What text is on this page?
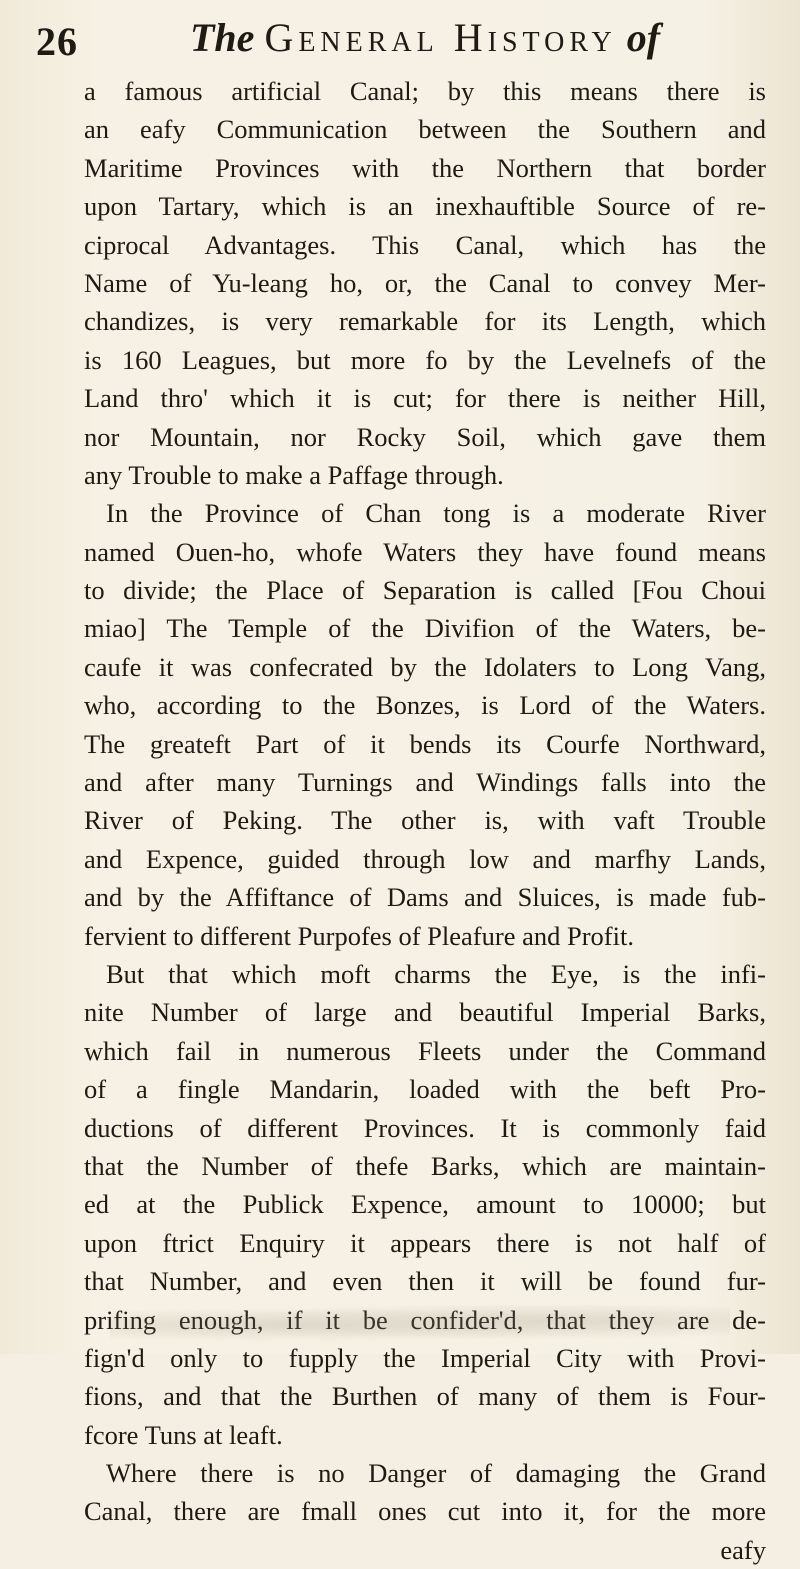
26	The General History of
a famous artificial Canal; by this means there is
an eafy Communication between the Southern and
Maritime Provinces with the Northern that border
upon Tartary, which is an inexhauftible Source of re-
ciprocal Advantages. This Canal, which has the
Name of Yu-leang ho, or, the Canal to convey Mer-
chandizes, is very remarkable for its Length, which
is 160 Leagues, but more fo by the Levelnefs of the
Land thro' which it is cut; for there is neither Hill,
nor Mountain, nor Rocky Soil, which gave them
any Trouble to make a Paffage through.
In the Province of Chan tong is a moderate River
named Ouen-ho, whofe Waters they have found means
to divide; the Place of Separation is called [Fou Choui
miao] The Temple of the Divifion of the Waters, be-
caufe it was confecrated by the Idolaters to Long Vang,
who, according to the Bonzes, is Lord of the Waters.
The greateft Part of it bends its Courfe Northward,
and after many Turnings and Windings falls into the
River of Peking. The other is, with vaft Trouble
and Expence, guided through low and marfhy Lands,
and by the Affiftance of Dams and Sluices, is made fub-
fervient to different Purpofes of Pleafure and Profit.
But that which moft charms the Eye, is the infi-
nite Number of large and beautiful Imperial Barks,
which fail in numerous Fleets under the Command
of a fingle Mandarin, loaded with the beft Pro-
ductions of different Provinces. It is commonly faid
that the Number of thefe Barks, which are maintain-
ed at the Publick Expence, amount to 10000; but
upon ftrict Enquiry it appears there is not half of
that Number, and even then it will be found fur-
prifing enough, if it be confider'd, that they are de-
fign'd only to fupply the Imperial City with Provi-
fions, and that the Burthen of many of them is Four-
fcore Tuns at leaft.
Where there is no Danger of damaging the Grand
Canal, there are fmall ones cut into it, for the more
eafy
